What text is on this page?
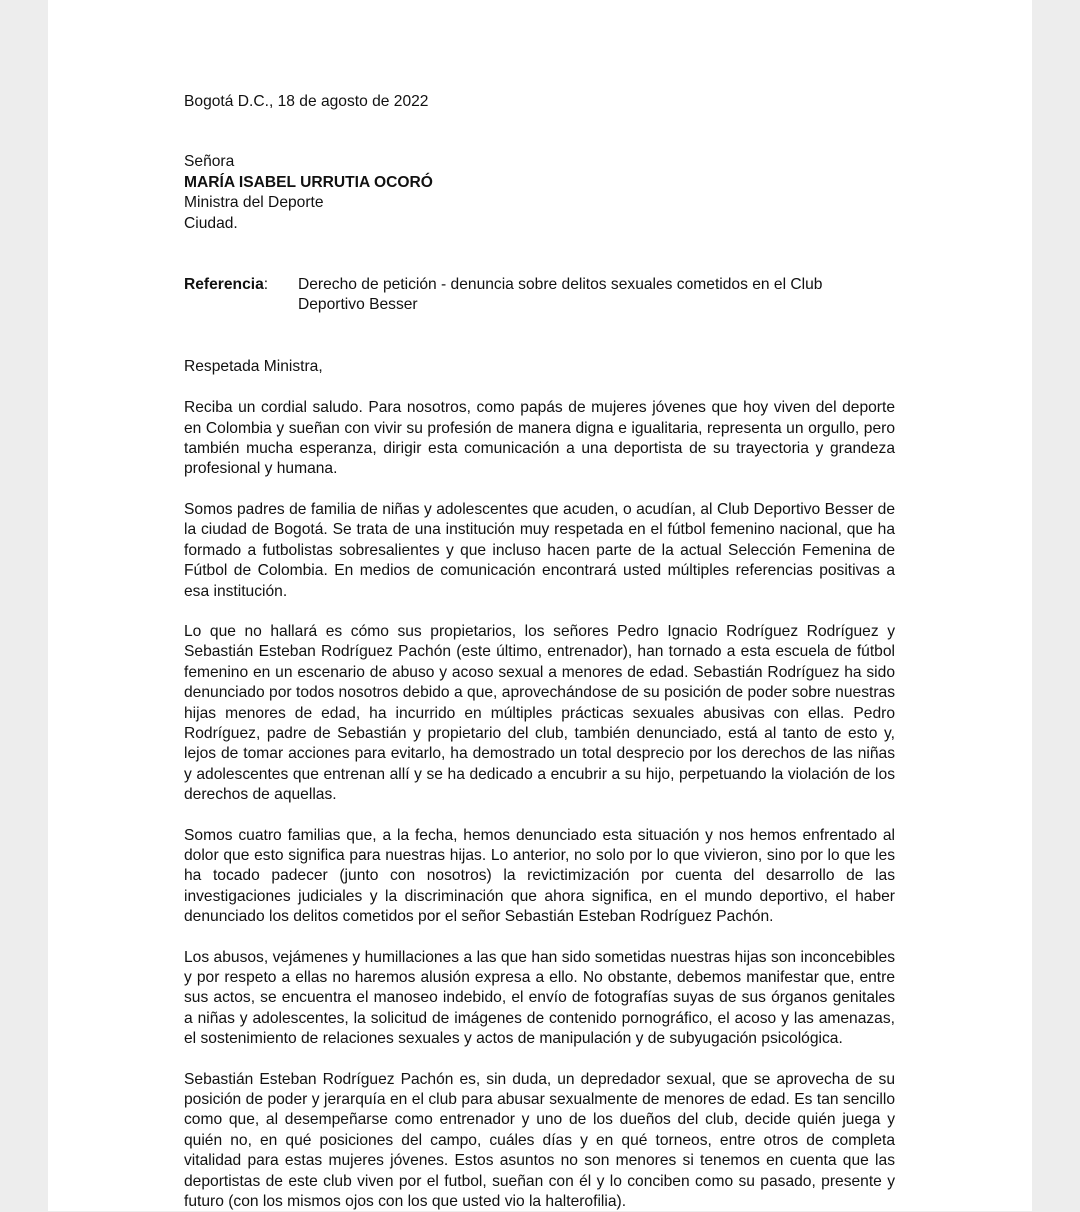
Bogotá D.C., 18 de agosto de 2022

Señora

MARÍA ISABEL URRUTIA OCORÓ

Ministra del Deporte

Ciudad.

Referencia:	Derecho de petición - denuncia sobre delitos sexuales cometidos en el Club Deportivo Besser

Respetada Ministra,

Reciba un cordial saludo. Para nosotros, como papás de mujeres jóvenes que hoy viven del deporte en Colombia y sueñan con vivir su profesión de manera digna e igualitaria, representa un orgullo, pero también mucha esperanza, dirigir esta comunicación a una deportista de su trayectoria y grandeza profesional y humana.

Somos padres de familia de niñas y adolescentes que acuden, o acudían, al Club Deportivo Besser de la ciudad de Bogotá. Se trata de una institución muy respetada en el fútbol femenino nacional, que ha formado a futbolistas sobresalientes y que incluso hacen parte de la actual Selección Femenina de Fútbol de Colombia. En medios de comunicación encontrará usted múltiples referencias positivas a esa institución.

Lo que no hallará es cómo sus propietarios, los señores Pedro Ignacio Rodríguez Rodríguez y Sebastián Esteban Rodríguez Pachón (este último, entrenador), han tornado a esta escuela de fútbol femenino en un escenario de abuso y acoso sexual a menores de edad. Sebastián Rodríguez ha sido denunciado por todos nosotros debido a que, aprovechándose de su posición de poder sobre nuestras hijas menores de edad, ha incurrido en múltiples prácticas sexuales abusivas con ellas. Pedro Rodríguez, padre de Sebastián y propietario del club, también denunciado, está al tanto de esto y, lejos de tomar acciones para evitarlo, ha demostrado un total desprecio por los derechos de las niñas y adolescentes que entrenan allí y se ha dedicado a encubrir a su hijo, perpetuando la violación de los derechos de aquellas.

Somos cuatro familias que, a la fecha, hemos denunciado esta situación y nos hemos enfrentado al dolor que esto significa para nuestras hijas. Lo anterior, no solo por lo que vivieron, sino por lo que les ha tocado padecer (junto con nosotros) la revictimización por cuenta del desarrollo de las investigaciones judiciales y la discriminación que ahora significa, en el mundo deportivo, el haber denunciado los delitos cometidos por el señor Sebastián Esteban Rodríguez Pachón.

Los abusos, vejámenes y humillaciones a las que han sido sometidas nuestras hijas son inconcebibles y por respeto a ellas no haremos alusión expresa a ello. No obstante, debemos manifestar que, entre sus actos, se encuentra el manoseo indebido, el envío de fotografías suyas de sus órganos genitales a niñas y adolescentes, la solicitud de imágenes de contenido pornográfico, el acoso y las amenazas, el sostenimiento de relaciones sexuales y actos de manipulación y de subyugación psicológica.

Sebastián Esteban Rodríguez Pachón es, sin duda, un depredador sexual, que se aprovecha de su posición de poder y jerarquía en el club para abusar sexualmente de menores de edad. Es tan sencillo como que, al desempeñarse como entrenador y uno de los dueños del club, decide quién juega y quién no, en qué posiciones del campo, cuáles días y en qué torneos, entre otros de completa vitalidad para estas mujeres jóvenes. Estos asuntos no son menores si tenemos en cuenta que las deportistas de este club viven por el futbol, sueñan con él y lo conciben como su pasado, presente y futuro (con los mismos ojos con los que usted vio la halterofilia).
